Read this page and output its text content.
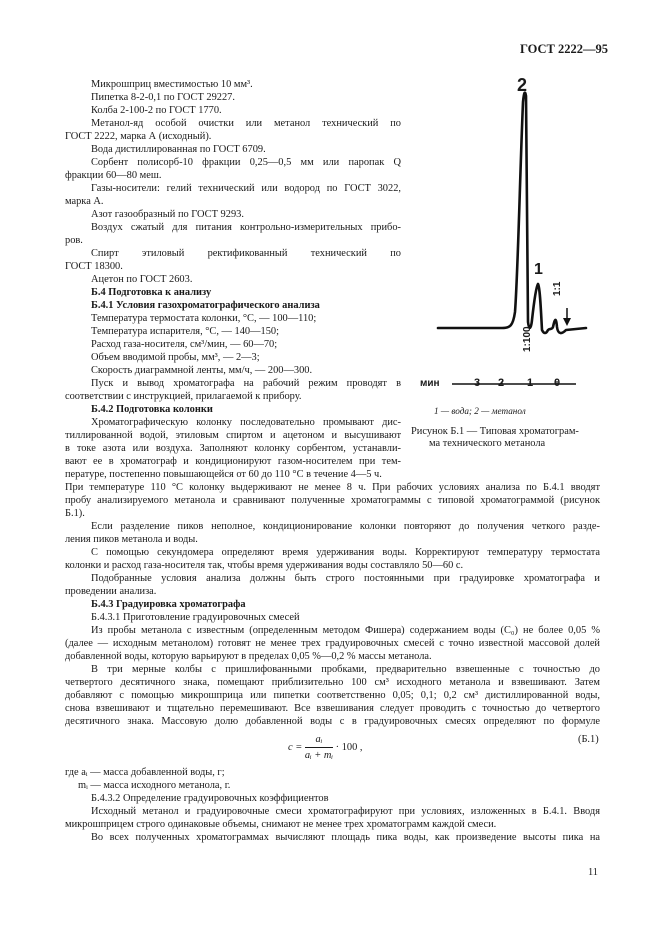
ГОСТ 2222—95
Микрошприц вместимостью 10 мм³.
Пипетка 8-2-0,1 по ГОСТ 29227.
Колба 2-100-2 по ГОСТ 1770.
Метанол-яд особой очистки или метанол технический по
ГОСТ 2222, марка А (исходный).
Вода дистиллированная по ГОСТ 6709.
Сорбент полисорб-10 фракции 0,25—0,5 мм или паропак Q
фракции 60—80 меш.
Газы-носители: гелий технический или водород по ГОСТ 3022,
марка А.
Азот газообразный по ГОСТ 9293.
Воздух сжатый для питания контрольно-измерительных прибо-
ров.
Спирт этиловый ректификованный технический по
ГОСТ 18300.
Ацетон по ГОСТ 2603.
Б.4 Подготовка к анализу
Б.4.1 Условия газохроматографического анализа
Температура термостата колонки, °С, — 100—110;
Температура испарителя, °С, — 140—150;
Расход газа-носителя, см³/мин, — 60—70;
Объем вводимой пробы, мм³, — 2—3;
Скорость диаграммной ленты, мм/ч, — 200—300.
Пуск и вывод хроматографа на рабочий режим проводят в
соответствии с инструкцией, прилагаемой к прибору.
Б.4.2 Подготовка колонки
Хроматографическую колонку последовательно промывают дис-
тиллированной водой, этиловым спиртом и ацетоном и высушивают
в токе азота или воздуха. Заполняют колонку сорбентом, устанавли-
вают ее в хроматограф и кондиционируют газом-носителем при тем-
пературе, постепенно повышающейся от 60 до 110 °С в течение 4—5 ч.
2
1
1:1
1:100
мин	3 2 1 0
1 — вода; 2 — метанол
Рисунок Б.1 — Типовая хроматограм-
ма технического метанола
При температуре 110 °С колонку выдерживают не менее 8 ч. При рабочих условиях анализа по Б.4.1 вводят
пробу анализируемого метанола и сравнивают полученные хроматограммы с типовой хроматограммой (рисунок
Б.1).
Если разделение пиков неполное, кондиционирование колонки повторяют до получения четкого разде-
ления пиков метанола и воды.
С помощью секундомера определяют время удерживания воды. Корректируют температуру термостата
колонки и расход газа-носителя так, чтобы время удерживания воды составляло 50—60 с.
Подобранные условия анализа должны быть строго постоянными при градуировке хроматографа и
проведении анализа.
Б.4.3 Градуировка хроматографа
Б.4.3.1 Приготовление градуировочных смесей
Из пробы метанола с известным (определенным методом Фишера) содержанием воды (C₀) не более 0,05 %
(далее — исходным метанолом) готовят не менее трех градуировочных смесей с точно известной массовой долей
добавленной воды, которую варьируют в пределах 0,05 %—0,2 % массы метанола.
В три мерные колбы с пришлифованными пробками, предварительно взвешенные с точностью до
четвертого десятичного знака, помещают приблизительно 100 см³ исходного метанола и взвешивают. Затем
добавляют с помощью микрошприца или пипетки соответственно 0,05; 0,1; 0,2 см³ дистиллированной воды,
снова взвешивают и тщательно перемешивают. Все взвешивания следует проводить с точностью до четвертого
десятичного знака. Массовую долю добавленной воды c в градуировочных смесях определяют по формуле
$c = \frac{\text{aᵢ}}{\text{aᵢ + mᵢ}} \cdot 100$ ,
(Б.1)
где aᵢ — масса добавленной воды, г;
mᵢ — масса исходного метанола, г.
Б.4.3.2 Определение градуировочных коэффициентов
Исходный метанол и градуировочные смеси хроматографируют при условиях, изложенных в Б.4.1. Вводя
микрошприцем строго одинаковые объемы, снимают не менее трех хроматограмм каждой смеси.
Во всех полученных хроматограммах вычисляют площадь пика воды, как произведение высоты пика на
11
